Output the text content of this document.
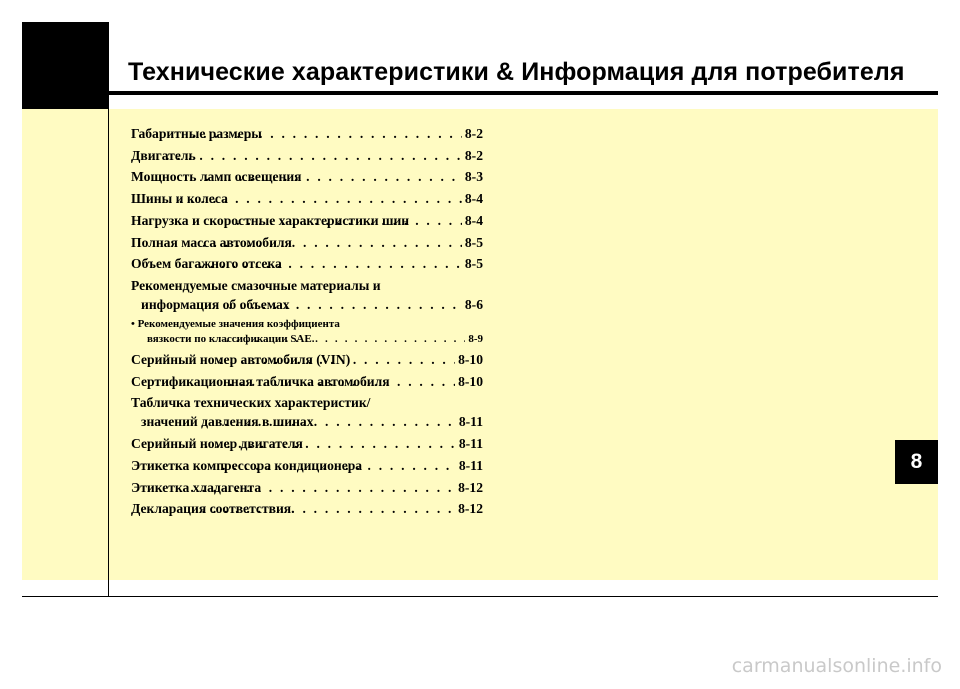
Технические характеристики & Информация для потребителя
8
Габаритные размеры . . .	8-2
Двигатель . . .	8-2
Мощность ламп освещения . . .	8-3
Шины и колеса . . .	8-4
Нагрузка и скоростные характеристики шин . . .	8-4
Полная масса автомобиля . . .	8-5
Объем багажного отсека . . .	8-5
Рекомендуемые смазочные материалы и
информация об объемах . . .	8-6
• Рекомендуемые значения коэффициента
вязкости по классификации SAE. . . .	8-9
Серийный номер автомобиля (VIN) . . .	8-10
Сертификационная табличка автомобиля . . .	8-10
Табличка технических характеристик/
значений давления в шинах . . .	8-11
Серийный номер двигателя . . .	8-11
Этикетка компрессора кондиционера . . .	8-11
Этикетка хладагента . . .	8-12
Декларация соответствия. . . .	8-12
carmanualsonline.info
